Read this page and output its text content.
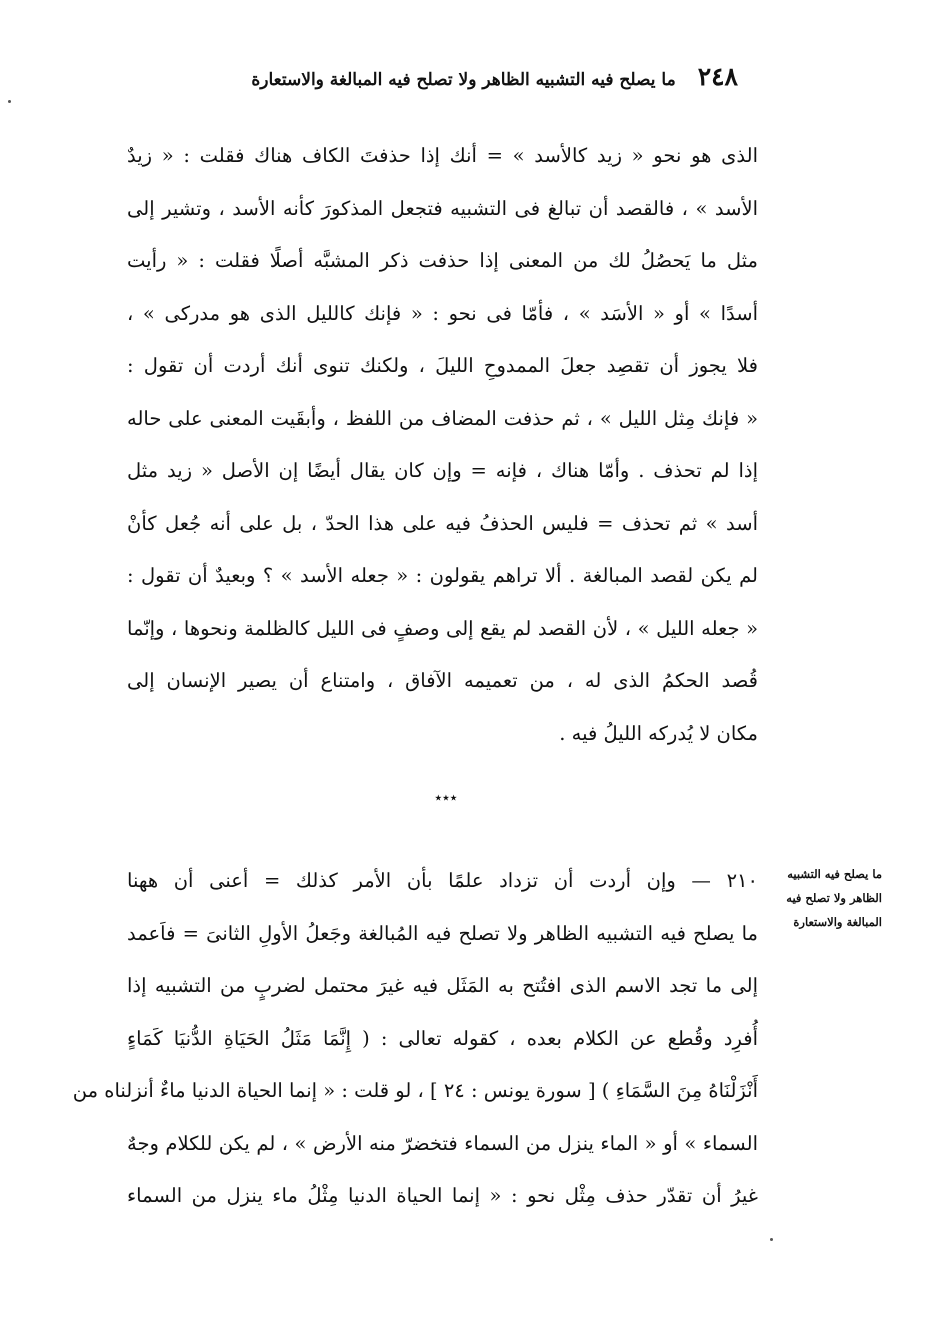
٢٤٨
ما يصلح فيه التشبيه الظاهر ولا تصلح فيه المبالغة والاستعارة
الذى هو نحو « زيد كالأسد » = أنك إذا حذفتَ الكاف هناك فقلت : « زيدٌ
الأسد » ، فالقصد أن تبالغ فى التشبيه فتجعل المذكورَ كأنه الأسد ، وتشير إلى
مثل ما يَحصُلُ لك من المعنى إذا حذفت ذكر المشبَّه أصلًا فقلت : « رأيت
أسدًا » أو « الأسَد » ، فأمّا فى نحو : « فإنك كالليل الذى هو مدركى » ،
فلا يجوز أن تقصِد جعلَ الممدوحِ الليلَ ، ولكنك تنوى أنك أردت أن تقول :
« فإنك مِثل الليل » ، ثم حذفت المضاف من اللفظ ، وأبقَيت المعنى على حاله
إذا لم تحذف . وأمّا هناك ، فإنه = وإن كان يقال أيضًا إن الأصل « زيد مثل
أسد » ثم تحذف = فليس الحذفُ فيه على هذا الحدّ ، بل على أنه جُعل كأنْ
لم يكن لقصد المبالغة . ألا تراهم يقولون : « جعله الأسد » ؟ وبعيدٌ أن تقول :
« جعله الليل » ، لأن القصد لم يقع إلى وصفٍ فى الليل كالظلمة ونحوها ، وإنّما
قُصد الحكمُ الذى له ، من تعميمه الآفاق ، وامتناع أن يصير الإنسان إلى
مكان لا يُدركه الليلُ فيه .
٭٭٭
ما يصلح فيه التشبيه
الظاهر ولا تصلح فيه
المبالغة والاستعارة
٢١٠ — وإن أردت أن تزداد علمًا بأن الأمر كذلك = أعنى أن ههنا
ما يصلح فيه التشبيه الظاهر ولا تصلح فيه المُبالغة وجَعلُ الأولِ الثانىَ = فاَعمد
إلى ما تجد الاسم الذى افتُتح به المَثَل فيه غيرَ محتمل لضربٍ من التشبيه إذا
أُفرِد وقُطع عن الكلام بعده ، كقوله تعالى : ( إِنَّمَا مَثَلُ الحَيَاةِ الدُّنيَا كَمَاءٍ
أَنْزَلْنَاهُ مِنَ السَّمَاءِ ) [ سورة يونس : ٢٤ ] ، لو قلت : « إنما الحياة الدنيا ماءٌ أنزلناه من
السماء » أو « الماء ينزل من السماء فتخضرّ منه الأرض » ، لم يكن للكلام وجهٌ
غيرُ أن تقدّر حذف مِثْل نحو : « إنما الحياة الدنيا مِثْلُ ماء ينزل من السماء
